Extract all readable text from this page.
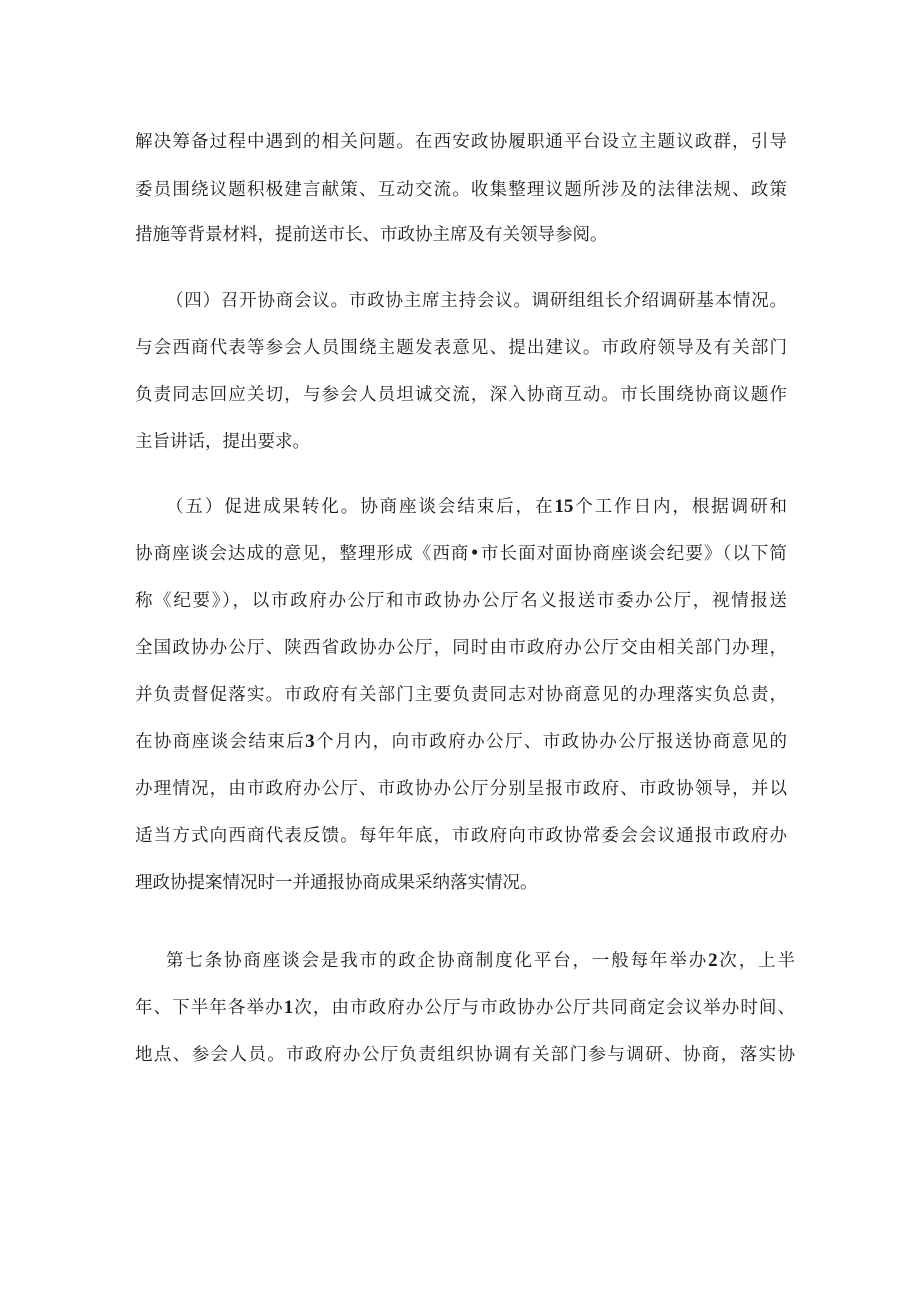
解决筹备过程中遇到的相关问题。在西安政协履职通平台设立主题议政群，引导
委员围绕议题积极建言献策、互动交流。收集整理议题所涉及的法律法规、政策
措施等背景材料，提前送市长、市政协主席及有关领导参阅。
（四）召开协商会议。市政协主席主持会议。调研组组长介绍调研基本情况。
与会西商代表等参会人员围绕主题发表意见、提出建议。市政府领导及有关部门
负责同志回应关切，与参会人员坦诚交流，深入协商互动。市长围绕协商议题作
主旨讲话，提出要求。
（五）促进成果转化。协商座谈会结束后，在15个工作日内，根据调研和
协商座谈会达成的意见，整理形成《西商•市长面对面协商座谈会纪要》（以下简
称《纪要》），以市政府办公厅和市政协办公厅名义报送市委办公厅，视情报送
全国政协办公厅、陕西省政协办公厅，同时由市政府办公厅交由相关部门办理，
并负责督促落实。市政府有关部门主要负责同志对协商意见的办理落实负总责，
在协商座谈会结束后3个月内，向市政府办公厅、市政协办公厅报送协商意见的
办理情况，由市政府办公厅、市政协办公厅分别呈报市政府、市政协领导，并以
适当方式向西商代表反馈。每年年底，市政府向市政协常委会会议通报市政府办
理政协提案情况时一并通报协商成果采纳落实情况。
第七条协商座谈会是我市的政企协商制度化平台，一般每年举办2次，上半
年、下半年各举办1次，由市政府办公厅与市政协办公厅共同商定会议举办时间、
地点、参会人员。市政府办公厅负责组织协调有关部门参与调研、协商，落实协
